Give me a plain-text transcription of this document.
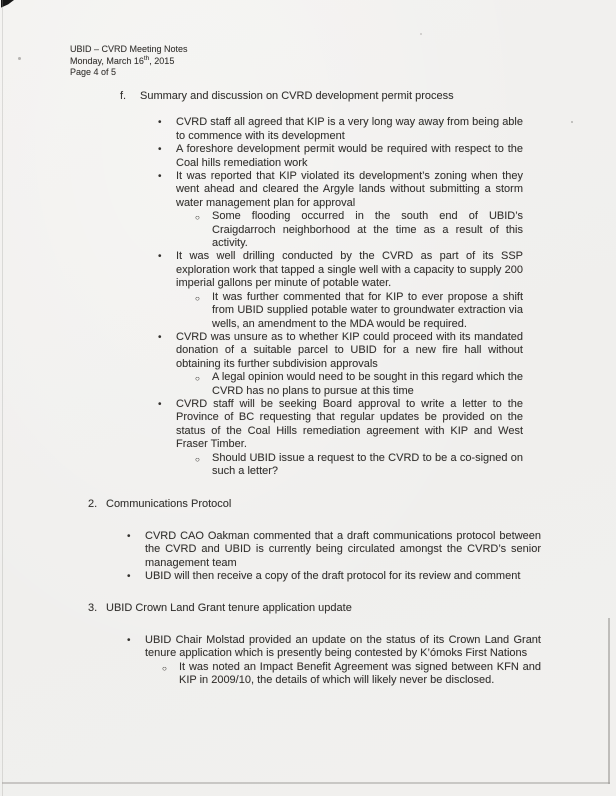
UBID – CVRD Meeting Notes
Monday, March 16th, 2015
Page 4 of 5
f.	Summary and discussion on CVRD development permit process
•	CVRD staff all agreed that KIP is a very long way away from being able to commence with its development
•	A foreshore development permit would be required with respect to the Coal hills remediation work
•	It was reported that KIP violated its development’s zoning when they went ahead and cleared the Argyle lands without submitting a storm water management plan for approval
○	Some flooding occurred in the south end of UBID’s Craigdarroch neighborhood at the time as a result of this activity.
•	It was well drilling conducted by the CVRD as part of its SSP exploration work that tapped a single well with a capacity to supply 200 imperial gallons per minute of potable water.
○	It was further commented that for KIP to ever propose a shift from UBID supplied potable water to groundwater extraction via wells, an amendment to the MDA would be required.
•	CVRD was unsure as to whether KIP could proceed with its mandated donation of a suitable parcel to UBID for a new fire hall without obtaining its further subdivision approvals
○	A legal opinion would need to be sought in this regard which the CVRD has no plans to pursue at this time
•	CVRD staff will be seeking Board approval to write a letter to the Province of BC requesting that regular updates be provided on the status of the Coal Hills remediation agreement with KIP and West Fraser Timber.
○	Should UBID issue a request to the CVRD to be a co-signed on such a letter?
2. Communications Protocol
•	CVRD CAO Oakman commented that a draft communications protocol between the CVRD and UBID is currently being circulated amongst the CVRD’s senior management team
•	UBID will then receive a copy of the draft protocol for its review and comment
3. UBID Crown Land Grant tenure application update
•	UBID Chair Molstad provided an update on the status of its Crown Land Grant tenure application which is presently being contested by K’ómoks First Nations
○	It was noted an Impact Benefit Agreement was signed between KFN and KIP in 2009/10, the details of which will likely never be disclosed.
